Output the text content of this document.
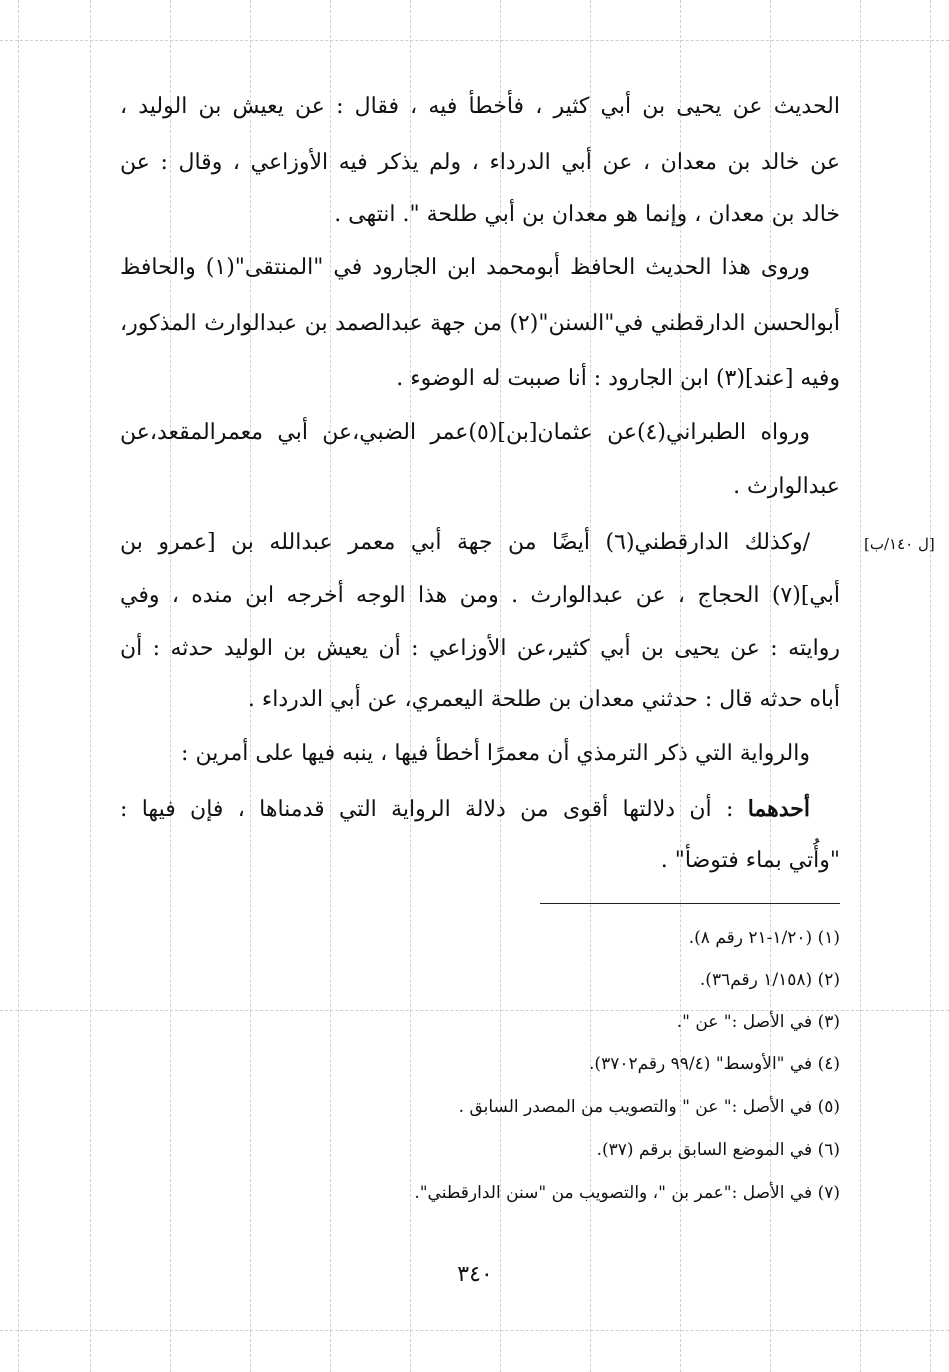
[ل ١٤٠/ب]
الحديث عن يحيى بن أبي كثير ، فأخطأ فيه ، فقال : عن يعيش بن الوليد ،
عن خالد بن معدان ، عن أبي الدرداء ، ولم يذكر فيه الأوزاعي ، وقال : عن
خالد بن معدان ، وإنما هو معدان بن أبي طلحة ". انتهى .
وروى هذا الحديث الحافظ أبومحمد ابن الجارود في "المنتقى"(١) والحافظ
أبوالحسن الدارقطني في"السنن"(٢) من جهة عبدالصمد بن عبدالوارث المذكور،
وفيه [عند](٣) ابن الجارود : أنا صببت له الوضوء .
ورواه الطبراني(٤)عن عثمان[بن](٥)عمر الضبي،عن أبي معمرالمقعد،عن
عبدالوارث .
/وكذلك الدارقطني(٦) أيضًا من جهة أبي معمر عبدالله بن [عمرو بن
أبي](٧) الحجاج ، عن عبدالوارث . ومن هذا الوجه أخرجه ابن منده ، وفي
روايته : عن يحيى بن أبي كثير،عن الأوزاعي : أن يعيش بن الوليد حدثه : أن
أباه حدثه قال : حدثني معدان بن طلحة اليعمري، عن أبي الدرداء .
والرواية التي ذكر الترمذي أن معمرًا أخطأ فيها ، ينبه فيها على أمرين :
أحدهما : أن دلالتها أقوى من دلالة الرواية التي قدمناها ، فإن فيها :
"وأُتي بماء فتوضأ" .
(١) (١/٢٠-٢١ رقم ٨).
(٢) (١/١٥٨ رقم٣٦).
(٣) في الأصل :" عن ".
(٤) في "الأوسط" (٩٩/٤ رقم٣٧٠٢).
(٥) في الأصل :" عن " والتصويب من المصدر السابق .
(٦) في الموضع السابق برقم (٣٧).
(٧) في الأصل :"عمر بن "، والتصويب من "سنن الدارقطني".
٣٤٠
